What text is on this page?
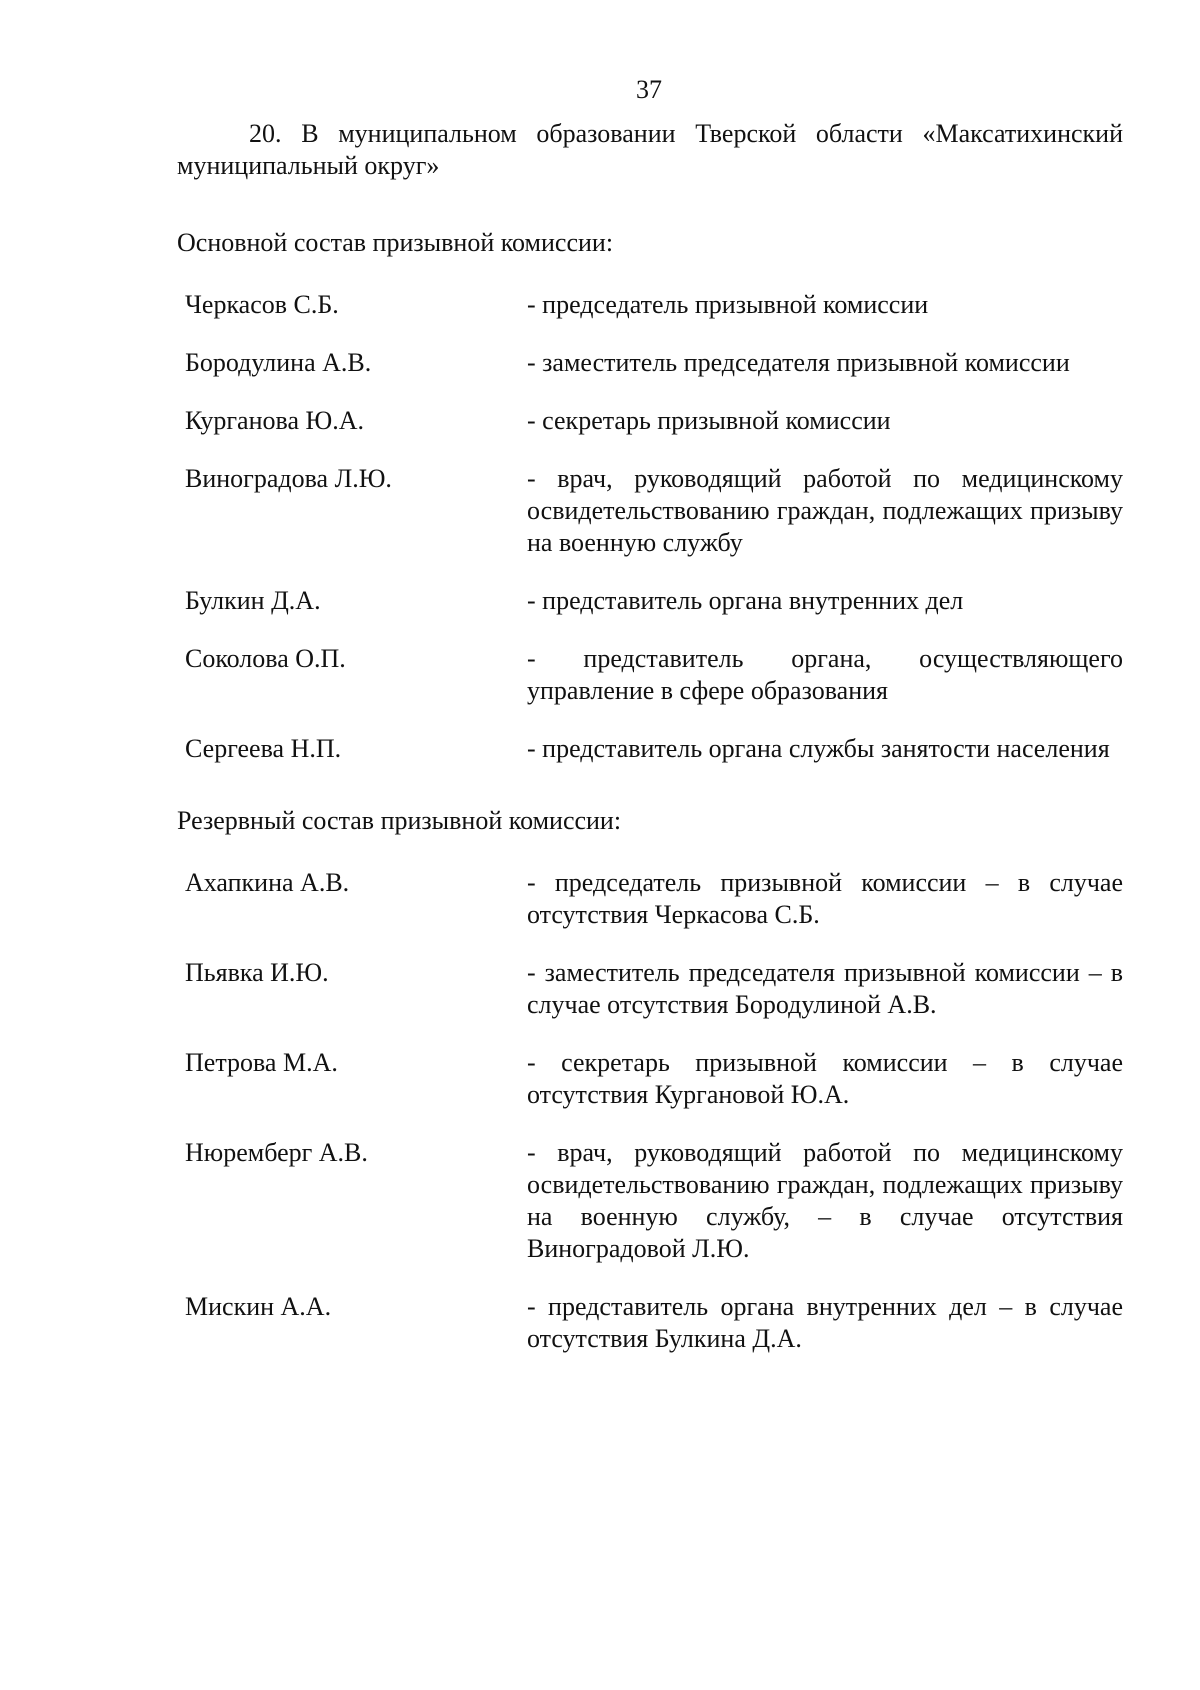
37

20. В муниципальном образовании Тверской области «Максатихинский муниципальный округ»

Основной состав призывной комиссии:

Черкасов С.Б.	- председатель призывной комиссии
Бородулина А.В.	- заместитель председателя призывной комиссии
Курганова Ю.А.	- секретарь призывной комиссии
Виноградова Л.Ю.	- врач, руководящий работой по медицинскому освидетельствованию граждан, подлежащих призыву на военную службу
Булкин Д.А.	- представитель органа внутренних дел
Соколова О.П.	- представитель органа, осуществляющего управление в сфере образования
Сергеева Н.П.	- представитель органа службы занятости населения

Резервный состав призывной комиссии:

Ахапкина А.В.	- председатель призывной комиссии – в случае отсутствия Черкасова С.Б.
Пьявка И.Ю.	- заместитель председателя призывной комиссии – в случае отсутствия Бородулиной А.В.
Петрова М.А.	- секретарь призывной комиссии – в случае отсутствия Кургановой Ю.А.
Нюремберг А.В.	- врач, руководящий работой по медицинскому освидетельствованию граждан, подлежащих призыву на военную службу, – в случае отсутствия Виноградовой Л.Ю.
Мискин А.А.	- представитель органа внутренних дел – в случае отсутствия Булкина Д.А.
